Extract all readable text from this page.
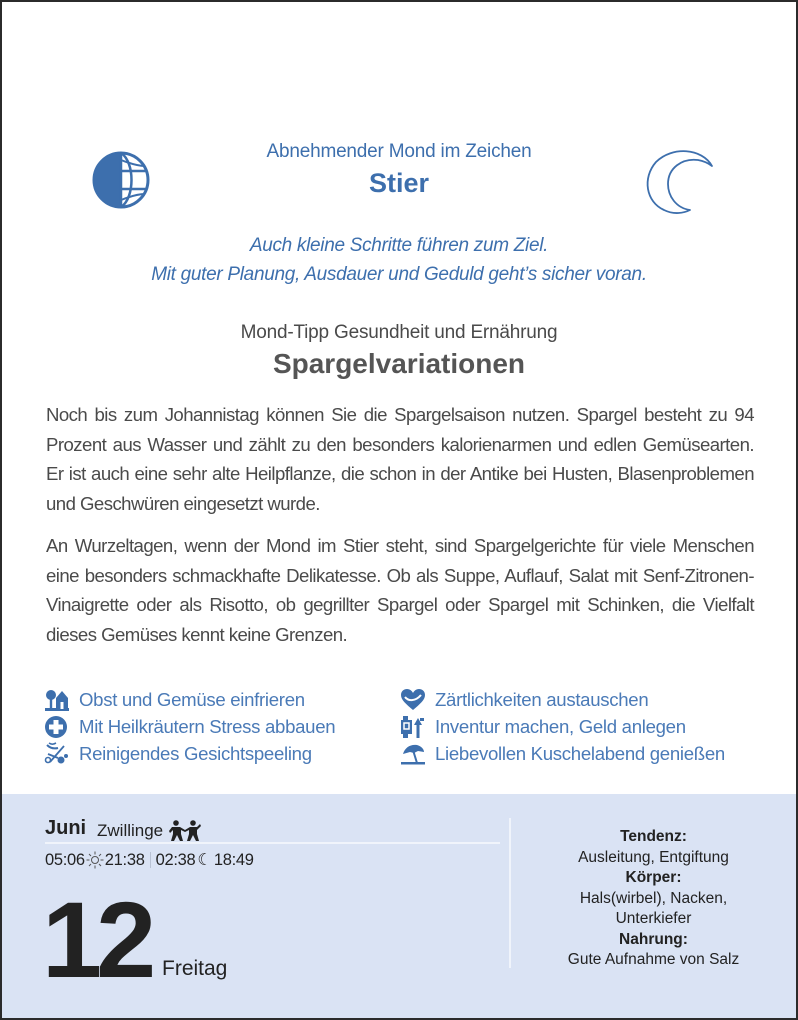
Abnehmender Mond im Zeichen
Stier
Auch kleine Schritte führen zum Ziel.
Mit guter Planung, Ausdauer und Geduld geht’s sicher voran.
Mond-Tipp Gesundheit und Ernährung
Spargelvariationen
Noch bis zum Johannistag können Sie die Spargelsaison nutzen. Spargel besteht zu 94 Prozent aus Wasser und zählt zu den besonders kalorienarmen und edlen Gemüsearten. Er ist auch eine sehr alte Heilpflanze, die schon in der Antike bei Husten, Blasenproblemen und Geschwüren eingesetzt wurde.
An Wurzeltagen, wenn der Mond im Stier steht, sind Spargelgerichte für viele Menschen eine besonders schmackhafte Delikatesse. Ob als Suppe, Auflauf, Salat mit Senf-Zitronen-Vinaigrette oder als Risotto, ob gegrillter Spargel oder Spargel mit Schinken, die Vielfalt dieses Gemüses kennt keine Grenzen.
Obst und Gemüse einfrieren
Mit Heilkräutern Stress abbauen
Reinigendes Gesichtspeeling
Zärtlichkeiten austauschen
Inventur machen, Geld anlegen
Liebevollen Kuschelabend genießen
Juni Zwillinge
05:06 21:38 02:38 ☾ 18:49
12 Freitag
Tendenz:
Ausleitung, Entgiftung
Körper:
Hals(wirbel), Nacken,
Unterkiefer
Nahrung:
Gute Aufnahme von Salz
